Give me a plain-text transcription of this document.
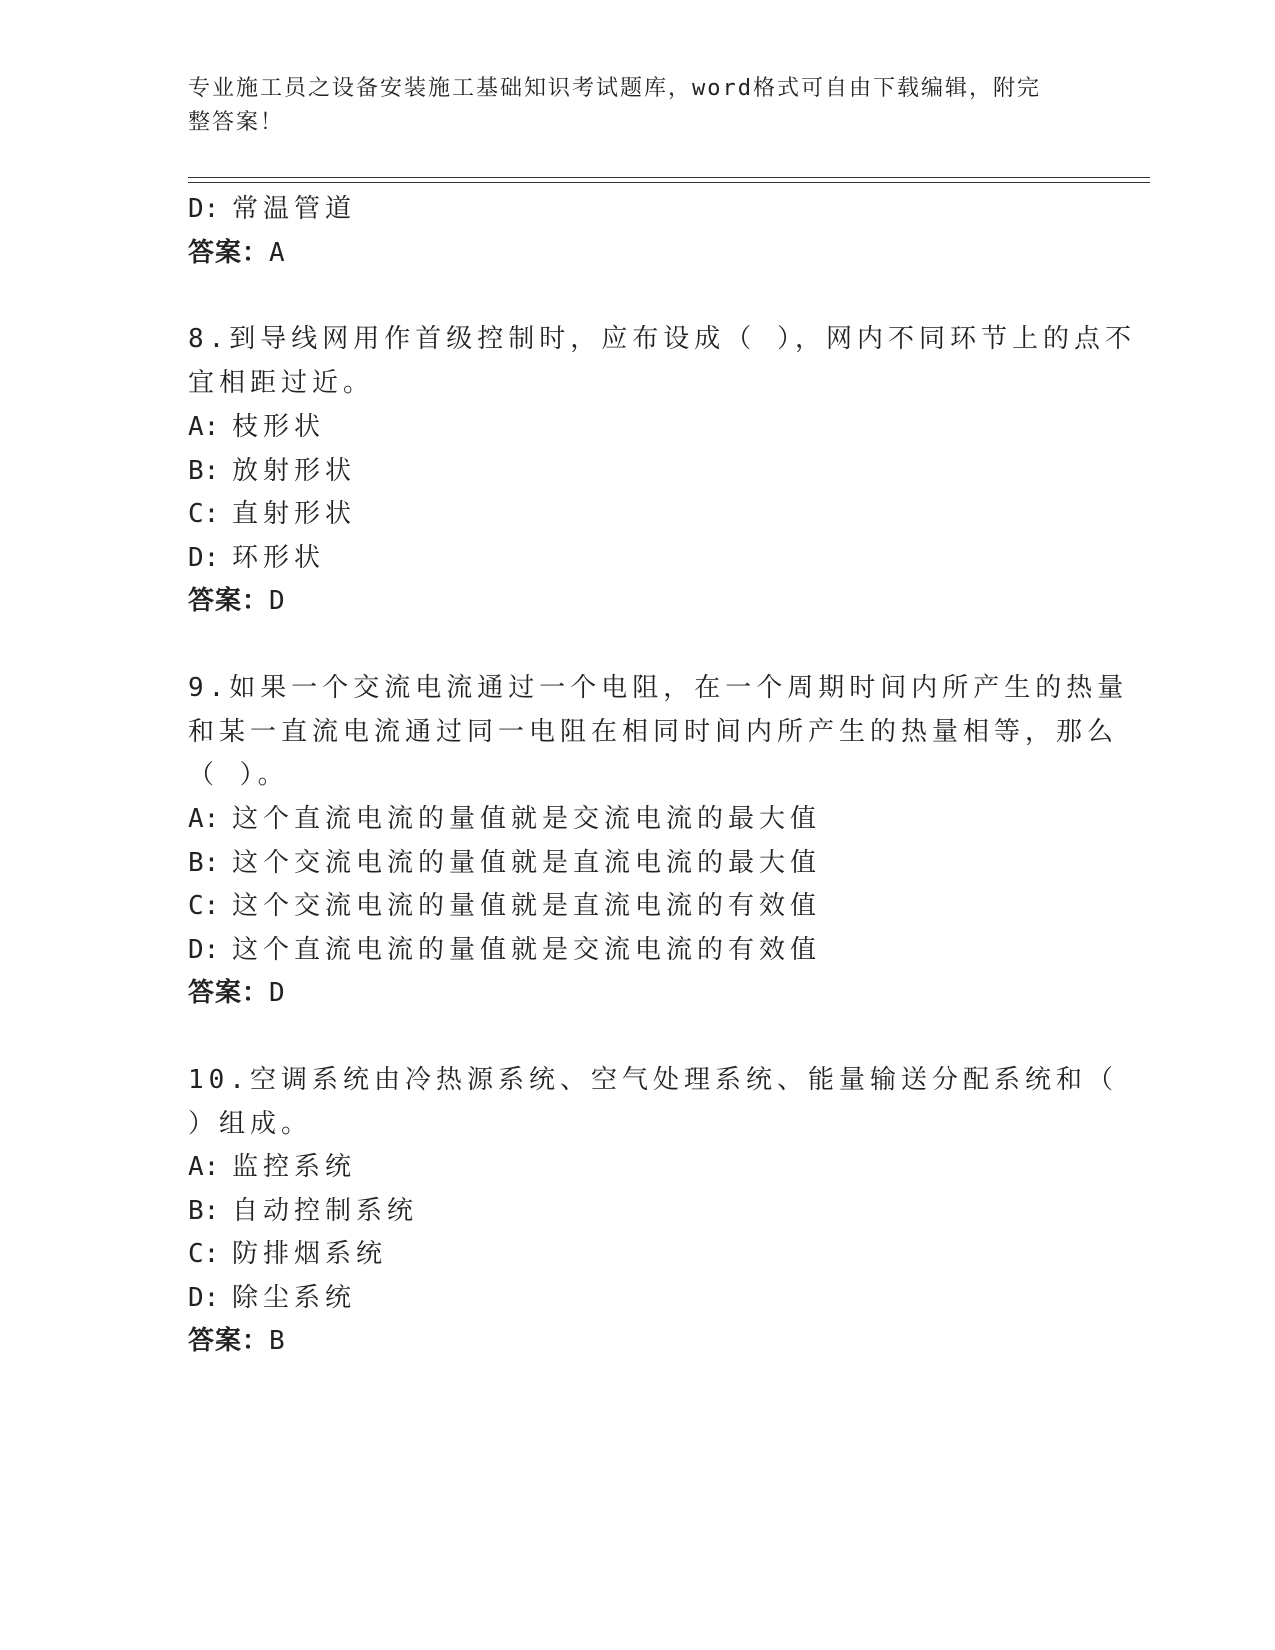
专业施工员之设备安装施工基础知识考试题库，word格式可自由下载编辑，附完
整答案！
D: 常温管道
答案：A
8.到导线网用作首级控制时，应布设成（ ），网内不同环节上的点不
宜相距过近。
A: 枝形状
B: 放射形状
C: 直射形状
D: 环形状
答案：D
9.如果一个交流电流通过一个电阻，在一个周期时间内所产生的热量
和某一直流电流通过同一电阻在相同时间内所产生的热量相等，那么
（ ）。
A: 这个直流电流的量值就是交流电流的最大值
B: 这个交流电流的量值就是直流电流的最大值
C: 这个交流电流的量值就是直流电流的有效值
D: 这个直流电流的量值就是交流电流的有效值
答案：D
10.空调系统由冷热源系统、空气处理系统、能量输送分配系统和（
）组成。
A: 监控系统
B: 自动控制系统
C: 防排烟系统
D: 除尘系统
答案：B
